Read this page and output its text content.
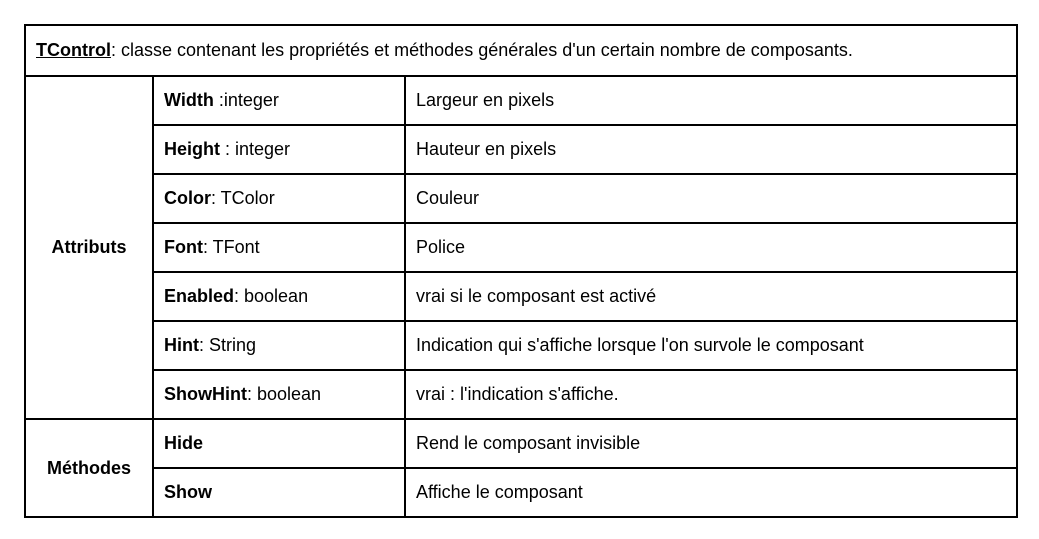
TControl: classe contenant les propriétés et méthodes générales d'un certain nombre de composants.		
Attributs	Width :integer	Largeur en pixels
	Height : integer	Hauteur en pixels
	Color: TColor	Couleur
	Font: TFont	Police
	Enabled: boolean	vrai si le composant est activé
	Hint: String	Indication qui s'affiche lorsque l'on survole le composant
	ShowHint: boolean	vrai : l'indication s'affiche.
Méthodes	Hide	Rend le composant invisible
	Show	Affiche le composant
